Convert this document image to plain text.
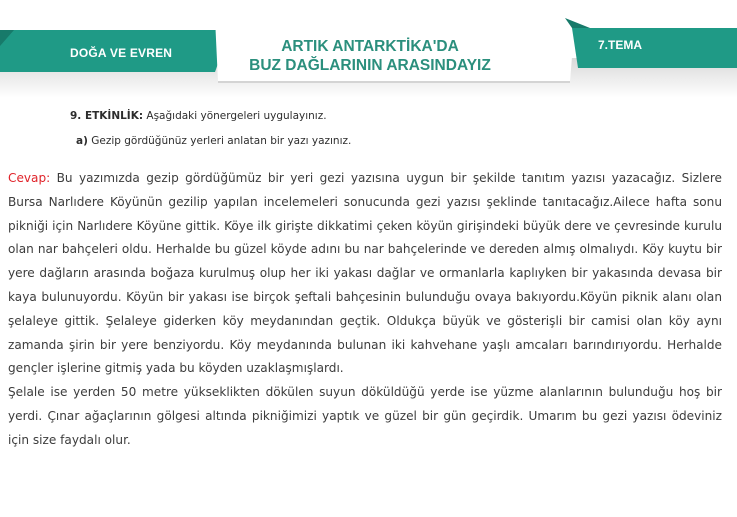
DOĞA VE EVREN	ARTIK ANTARKTİKA'DA
BUZ DAĞLARININ ARASINDAYIZ
7.TEMA
9. ETKİNLİK: Aşağıdaki yönergeleri uygulayınız.
a) Gezip gördüğünüz yerleri anlatan bir yazı yazınız.

Cevap: Bu yazımızda gezip gördüğümüz bir yeri gezi yazısına uygun bir şekilde tanıtım yazısı yazacağız. Sizlere Bursa Narlıdere Köyünün gezilip yapılan incelemeleri sonucunda gezi yazısı şeklinde tanıtacağız.Ailece hafta sonu pikniği için Narlıdere Köyüne gittik. Köye ilk girişte dikkatimi çeken köyün girişindeki büyük dere ve çevresinde kurulu olan nar bahçeleri oldu. Herhalde bu güzel köyde adını bu nar bahçelerinde ve dereden almış olmalıydı. Köy kuytu bir yere dağların arasında boğaza kurulmuş olup her iki yakası dağlar ve ormanlarla kaplıyken bir yakasında devasa bir kaya bulunuyordu. Köyün bir yakası ise birçok şeftali bahçesinin bulunduğu ovaya bakıyordu.Köyün piknik alanı olan şelaleye gittik. Şelaleye giderken köy meydanından geçtik. Oldukça büyük ve gösterişli bir camisi olan köy aynı zamanda şirin bir yere benziyordu. Köy meydanında bulunan iki kahvehane yaşlı amcaları barındırıyordu. Herhalde gençler işlerine gitmiş yada bu köyden uzaklaşmışlardı.

Şelale ise yerden 50 metre yükseklikten dökülen suyun döküldüğü yerde ise yüzme alanlarının bulunduğu hoş bir yerdi. Çınar ağaçlarının gölgesi altında pikniğimizi yaptık ve güzel bir gün geçirdik. Umarım bu gezi yazısı ödeviniz için size faydalı olur.
